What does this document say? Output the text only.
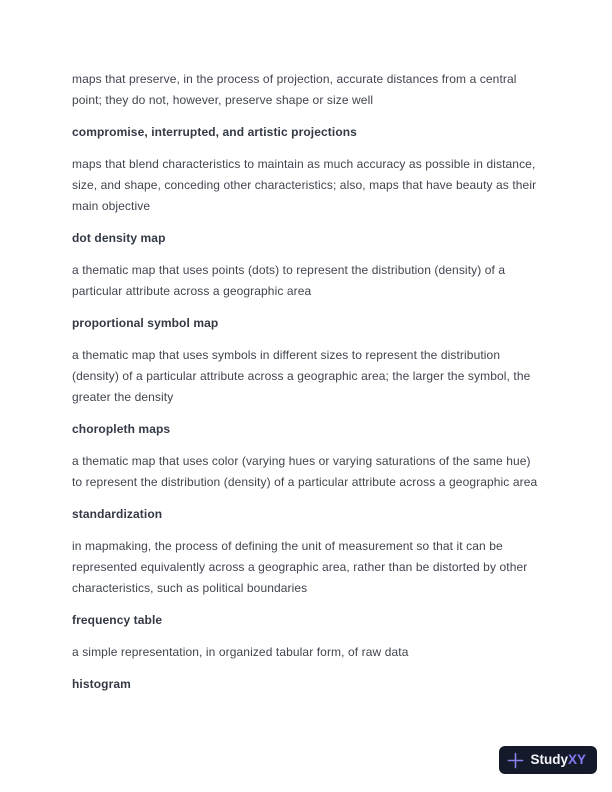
maps that preserve, in the process of projection, accurate distances from a central point; they do not, however, preserve shape or size well

compromise, interrupted, and artistic projections

maps that blend characteristics to maintain as much accuracy as possible in distance, size, and shape, conceding other characteristics; also, maps that have beauty as their main objective

dot density map

a thematic map that uses points (dots) to represent the distribution (density) of a particular attribute across a geographic area

proportional symbol map

a thematic map that uses symbols in different sizes to represent the distribution (density) of a particular attribute across a geographic area; the larger the symbol, the greater the density

choropleth maps

a thematic map that uses color (varying hues or varying saturations of the same hue) to represent the distribution (density) of a particular attribute across a geographic area

standardization

in mapmaking, the process of defining the unit of measurement so that it can be represented equivalently across a geographic area, rather than be distorted by other characteristics, such as political boundaries

frequency table

a simple representation, in organized tabular form, of raw data

histogram

StudyXY
